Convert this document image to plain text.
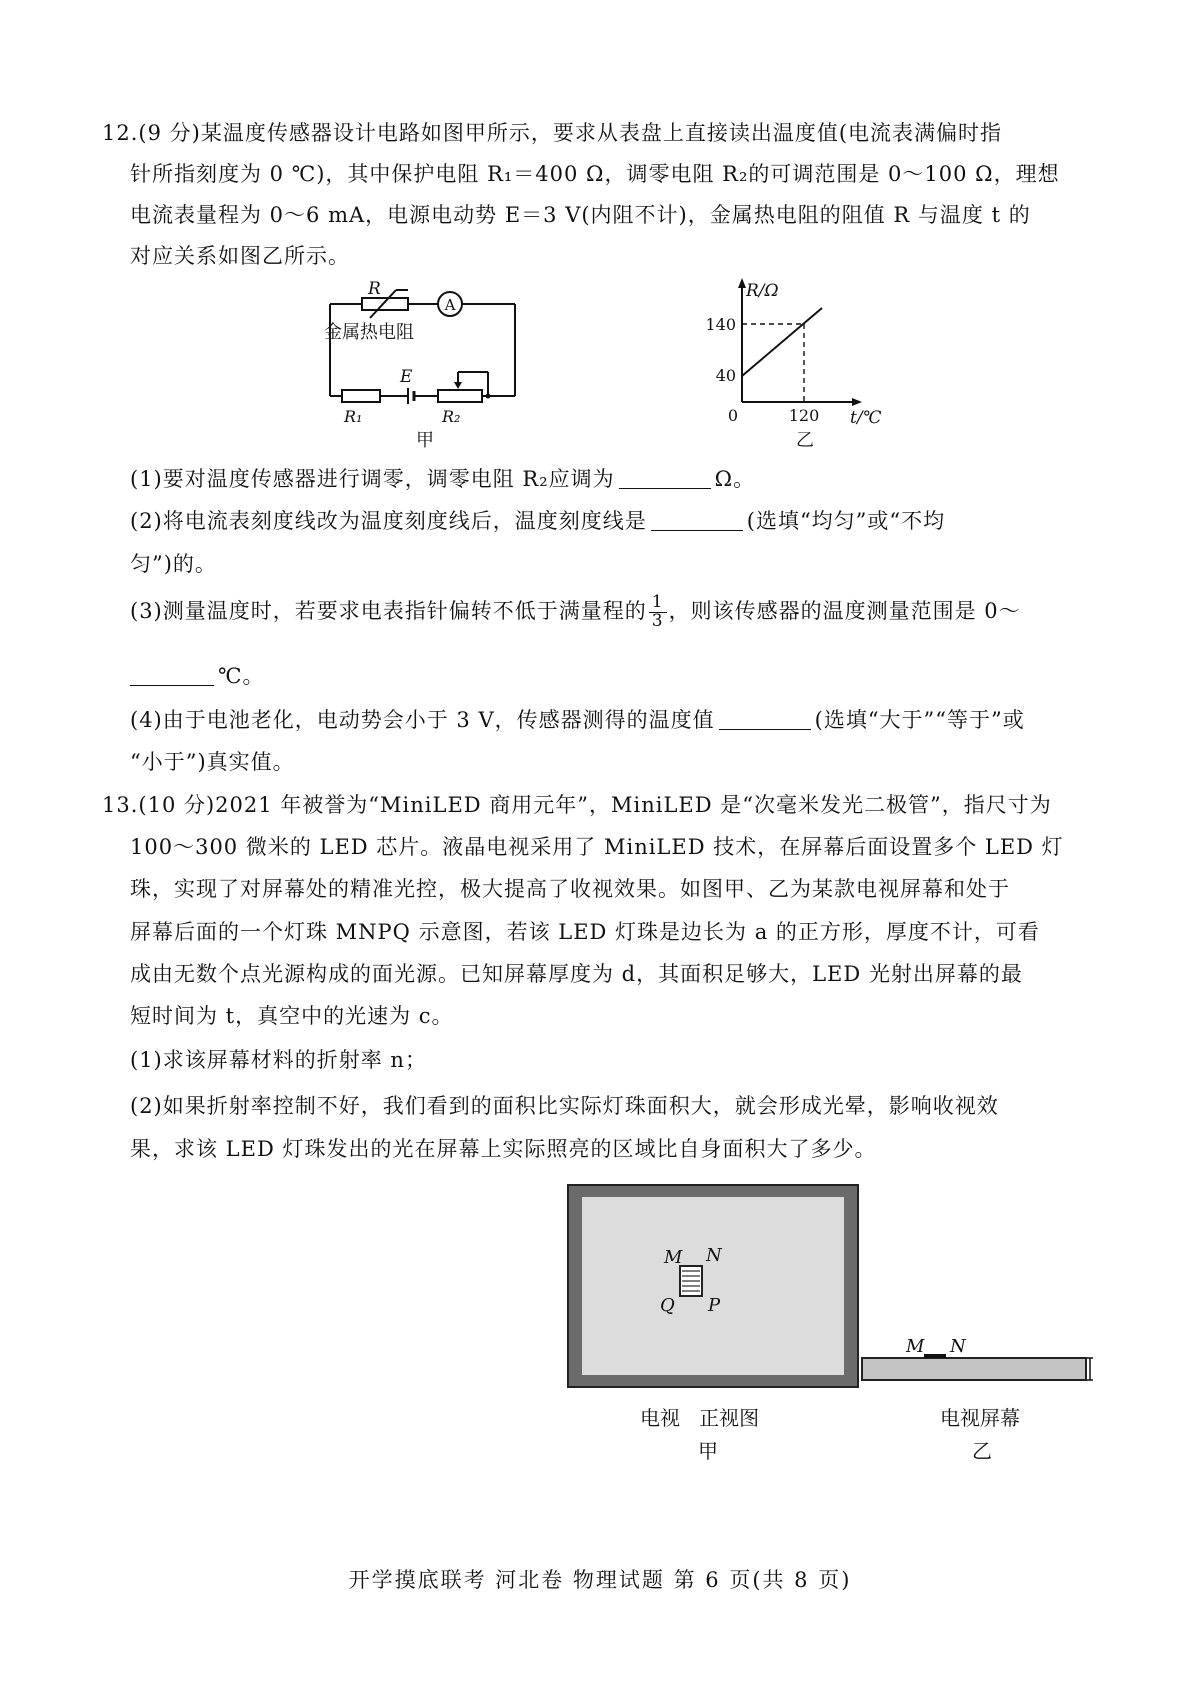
12.(9 分)某温度传感器设计电路如图甲所示，要求从表盘上直接读出温度值(电流表满偏时指
针所指刻度为 0 ℃)，其中保护电阻 R₁＝400 Ω，调零电阻 R₂的可调范围是 0～100 Ω，理想
电流表量程为 0～6 mA，电源电动势 E＝3 V(内阻不计)，金属热电阻的阻值 R 与温度 t 的
对应关系如图乙所示。
R
A
金属热电阻
E
R₁	R₂
甲
R/Ω
140
40
0	120 t/℃
乙
(1)要对温度传感器进行调零，调零电阻 R₂应调为	Ω。
(2)将电流表刻度线改为温度刻度线后，温度刻度线是	(选填“均匀”或“不均
匀”)的。
(3)测量温度时，若要求电表指针偏转不低于满量程的 $\frac{1}{3}$ ，则该传感器的温度测量范围是 0～
℃。
(4)由于电池老化，电动势会小于 3 V，传感器测得的温度值	(选填“大于”“等于”或
“小于”)真实值。
13.(10 分)2021 年被誉为“MiniLED 商用元年”，MiniLED 是“次毫米发光二极管”，指尺寸为
100～300 微米的 LED 芯片。液晶电视采用了 MiniLED 技术，在屏幕后面设置多个 LED 灯
珠，实现了对屏幕处的精准光控，极大提高了收视效果。如图甲、乙为某款电视屏幕和处于
屏幕后面的一个灯珠 MNPQ 示意图，若该 LED 灯珠是边长为 a 的正方形，厚度不计，可看
成由无数个点光源构成的面光源。已知屏幕厚度为 d，其面积足够大，LED 光射出屏幕的最
短时间为 t，真空中的光速为 c。
(1)求该屏幕材料的折射率 n；
(2)如果折射率控制不好，我们看到的面积比实际灯珠面积大，就会形成光晕，影响收视效
果，求该 LED 灯珠发出的光在屏幕上实际照亮的区域比自身面积大了多少。
M N
Q P
电视 正视图
甲
M N
电视屏幕
乙
开学摸底联考 河北卷 物理试题 第 6 页(共 8 页)
